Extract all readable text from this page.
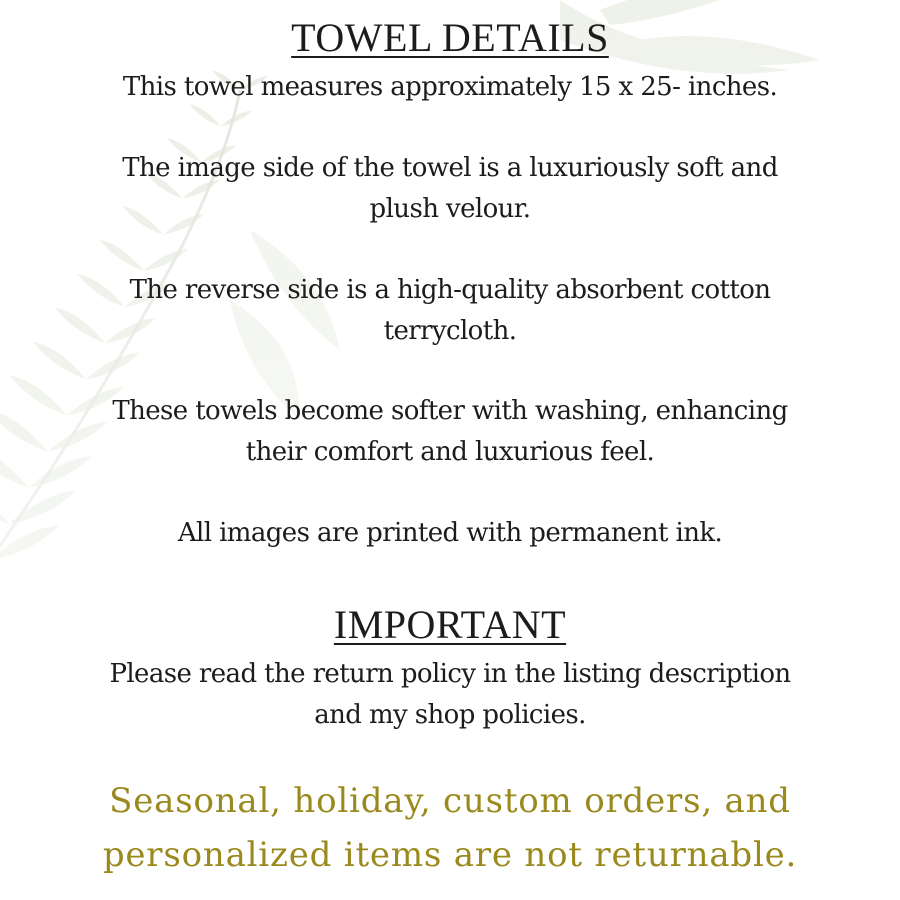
TOWEL DETAILS

This towel measures approximately 15 x 25- inches.

The image side of the towel is a luxuriously soft and plush velour.

The reverse side is a high-quality absorbent cotton terrycloth.

These towels become softer with washing, enhancing their comfort and luxurious feel.

All images are printed with permanent ink.

IMPORTANT

Please read the return policy in the listing description and my shop policies.

Seasonal, holiday, custom orders, and personalized items are not returnable.
